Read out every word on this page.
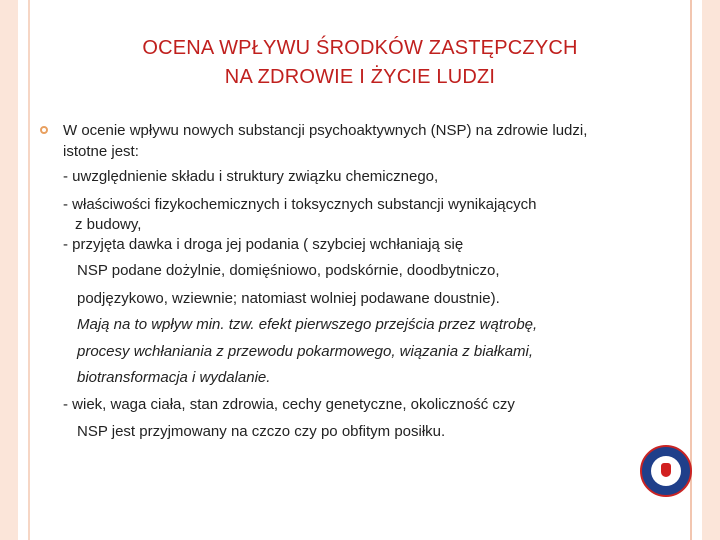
OCENA WPŁYWU ŚRODKÓW ZASTĘPCZYCH
NA ZDROWIE I ŻYCIE LUDZI
W ocenie wpływu nowych substancji psychoaktywnych (NSP) na zdrowie ludzi, istotne jest:
- uwzględnienie składu i struktury związku chemicznego,
- właściwości fizykochemicznych i toksycznych substancji wynikających
z budowy,
- przyjęta dawka i droga jej podania ( szybciej wchłaniają się
NSP podane dożylnie, domięśniowo, podskórnie, doodbytniczo,
podjęzykowo, wziewnie; natomiast wolniej podawane doustnie).
Mają na to wpływ min. tzw. efekt pierwszego przejścia przez wątrobę,
procesy wchłaniania z przewodu pokarmowego, wiązania z białkami,
biotransformacja i wydalanie.
- wiek, waga ciała, stan zdrowia, cechy genetyczne, okoliczność czy
NSP jest przyjmowany na czczo czy po obfitym posiłku.
